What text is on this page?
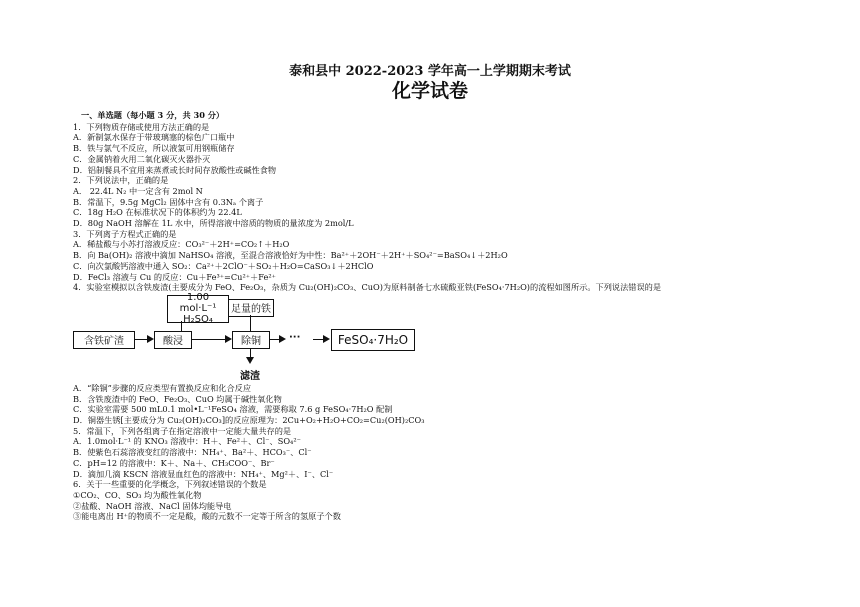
泰和县中 2022-2023 学年高一上学期期末考试
化学试卷
一、单选题（每小题 3 分，共 30 分）
1．下列物质存储或使用方法正确的是
A．新制氯水保存于带玻璃塞的棕色广口瓶中
B．铁与氯气不反应，所以液氯可用钢瓶储存
C．金属钠着火用二氧化碳灭火器扑灭
D．铝制餐具不宜用来蒸煮或长时间存放酸性或碱性食物
2．下列说法中，正确的是
A． 22.4L N₂ 中一定含有 2mol N
B．常温下，9.5g MgCl₂ 固体中含有 0.3Nₐ 个离子
C．18g H₂O 在标准状况下的体积约为 22.4L
D．80g NaOH 溶解在 1L 水中，所得溶液中溶质的物质的量浓度为 2mol/L
3．下列离子方程式正确的是
A．稀盐酸与小苏打溶液反应：CO₃²⁻＋2H⁺=CO₂↑＋H₂O
B．向 Ba(OH)₂ 溶液中滴加 NaHSO₄ 溶液，至混合溶液恰好为中性：Ba²⁺＋2OH⁻＋2H⁺＋SO₄²⁻=BaSO₄↓＋2H₂O
C．向次氯酸钙溶液中通入 SO₂：Ca²⁺＋2ClO⁻＋SO₂＋H₂O=CaSO₃↓＋2HClO
D．FeCl₃ 溶液与 Cu 的反应：Cu＋Fe³⁺=Cu²⁺＋Fe²⁺
4．实验室模拟以含铁废渣(主要成分为 FeO、Fe₂O₃，杂质为 Cu₂(OH)₂CO₃、CuO)为原料制备七水硫酸亚铁(FeSO₄·7H₂O)的流程如图所示。下列说法错误的是
1.00 mol·L⁻¹
H₂SO₄
足量的铁
含铁矿渣	酸浸	除铜	···	FeSO₄·7H₂O
滤渣
A．“除铜”步骤的反应类型有置换反应和化合反应
B．含铁废渣中的 FeO、Fe₂O₃、CuO 均属于碱性氧化物
C．实验室需要 500 mL0.1 mol•L⁻¹FeSO₄ 溶液，需要称取 7.6 g FeSO₄·7H₂O 配制
D．铜器生锈[主要成分为 Cu₂(OH)₂CO₃]的反应原理为：2Cu+O₂+H₂O+CO₂=Cu₂(OH)₂CO₃
5．常温下，下列各组离子在指定溶液中一定能大量共存的是
A．1.0mol·L⁻¹ 的 KNO₃ 溶液中：H＋、Fe²＋、Cl⁻、SO₄²⁻
B．使紫色石蕊溶液变红的溶液中：NH₄⁺、Ba²＋、HCO₃⁻、Cl⁻
C．pH=12 的溶液中：K＋、Na＋、CH₃COO⁻、Br⁻
D．滴加几滴 KSCN 溶液显血红色的溶液中：NH₄⁺、Mg²＋、I⁻、Cl⁻
6．关于一些重要的化学概念，下列叙述错误的个数是
①CO₂、CO、SO₃ 均为酸性氧化物
②盐酸、NaOH 溶液、NaCl 固体均能导电
③能电离出 H⁺的物质不一定是酸，酸的元数不一定等于所含的氢原子个数
